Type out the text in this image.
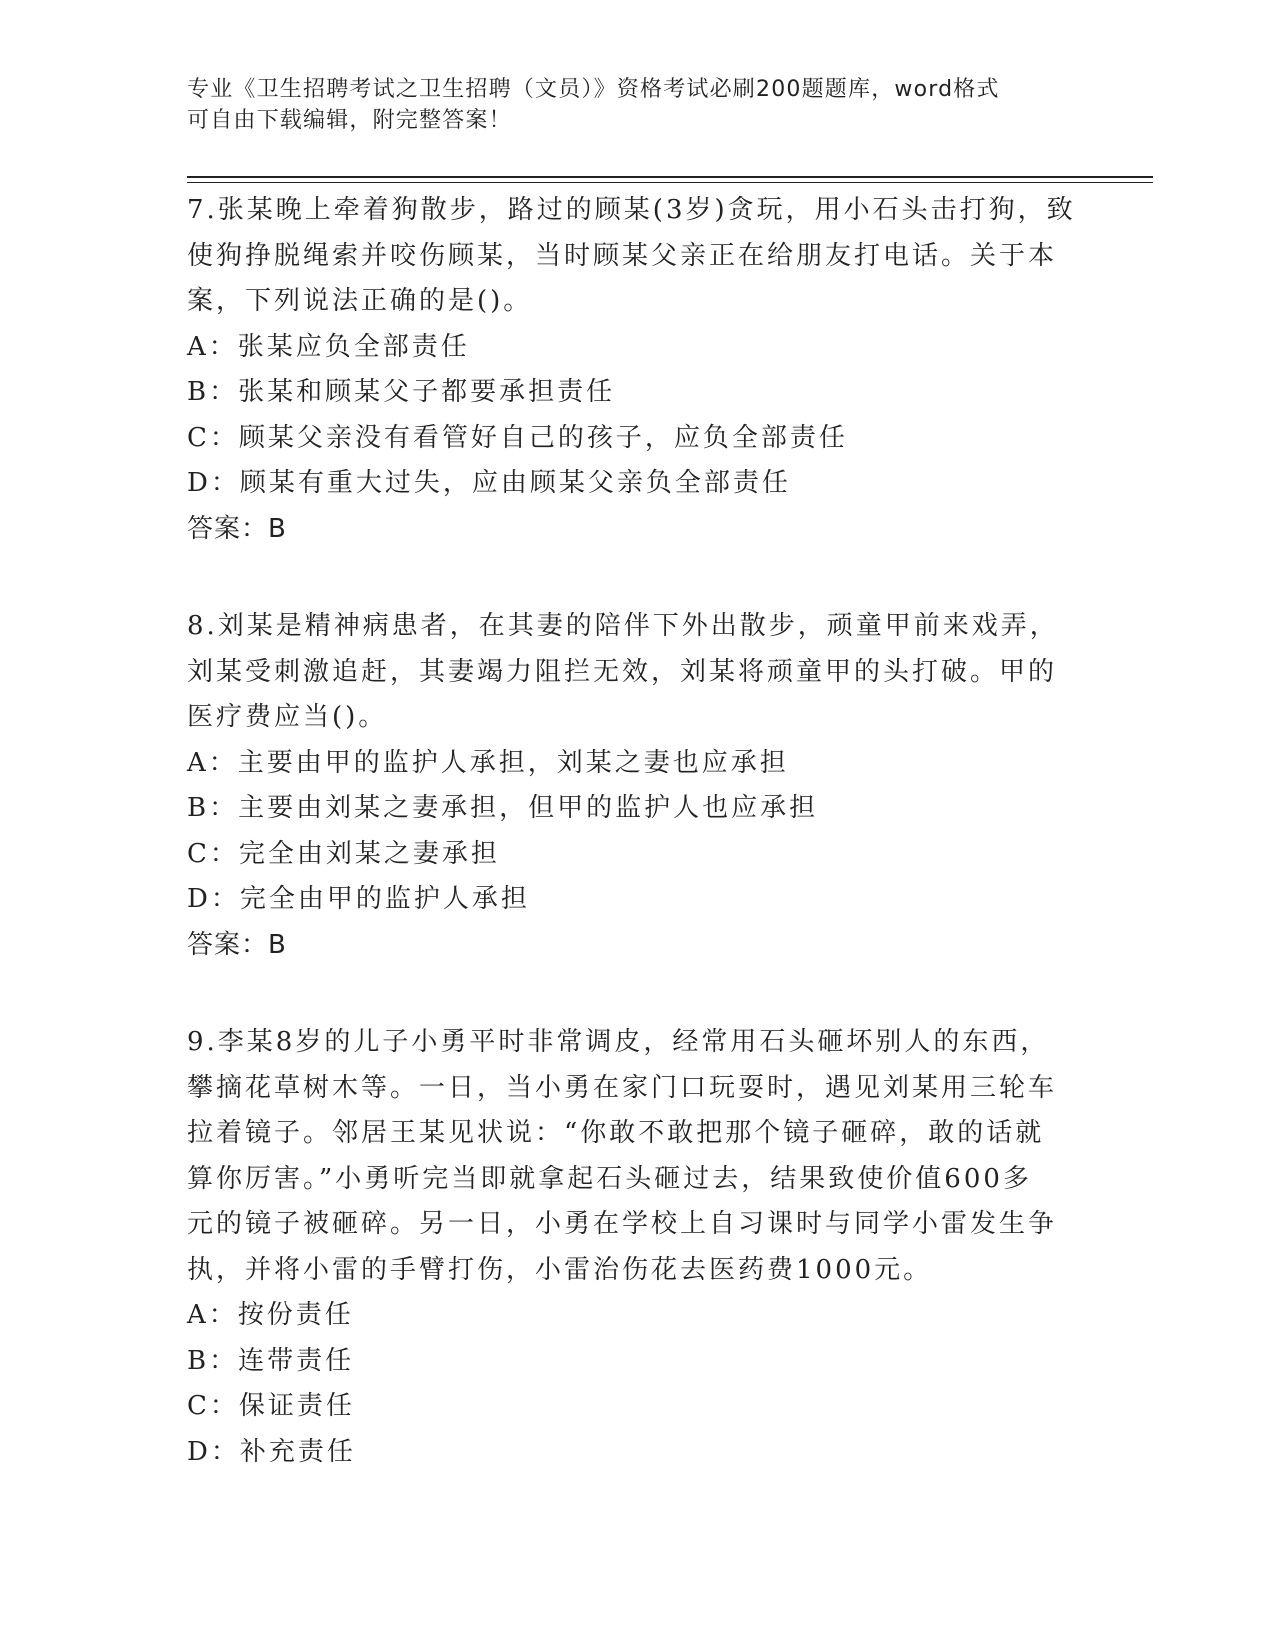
专业《卫生招聘考试之卫生招聘（文员）》资格考试必刷200题题库，word格式
可自由下载编辑，附完整答案！
7.张某晚上牵着狗散步，路过的顾某(3岁)贪玩，用小石头击打狗，致
使狗挣脱绳索并咬伤顾某，当时顾某父亲正在给朋友打电话。关于本
案，下列说法正确的是()。
A：张某应负全部责任
B：张某和顾某父子都要承担责任
C：顾某父亲没有看管好自己的孩子，应负全部责任
D：顾某有重大过失，应由顾某父亲负全部责任
答案：B
8.刘某是精神病患者，在其妻的陪伴下外出散步，顽童甲前来戏弄，
刘某受刺激追赶，其妻竭力阻拦无效，刘某将顽童甲的头打破。甲的
医疗费应当()。
A：主要由甲的监护人承担，刘某之妻也应承担
B：主要由刘某之妻承担，但甲的监护人也应承担
C：完全由刘某之妻承担
D：完全由甲的监护人承担
答案：B
9.李某8岁的儿子小勇平时非常调皮，经常用石头砸坏别人的东西，
攀摘花草树木等。一日，当小勇在家门口玩耍时，遇见刘某用三轮车
拉着镜子。邻居王某见状说：“你敢不敢把那个镜子砸碎，敢的话就
算你厉害。”小勇听完当即就拿起石头砸过去，结果致使价值600多
元的镜子被砸碎。另一日，小勇在学校上自习课时与同学小雷发生争
执，并将小雷的手臂打伤，小雷治伤花去医药费1000元。
A：按份责任
B：连带责任
C：保证责任
D：补充责任
